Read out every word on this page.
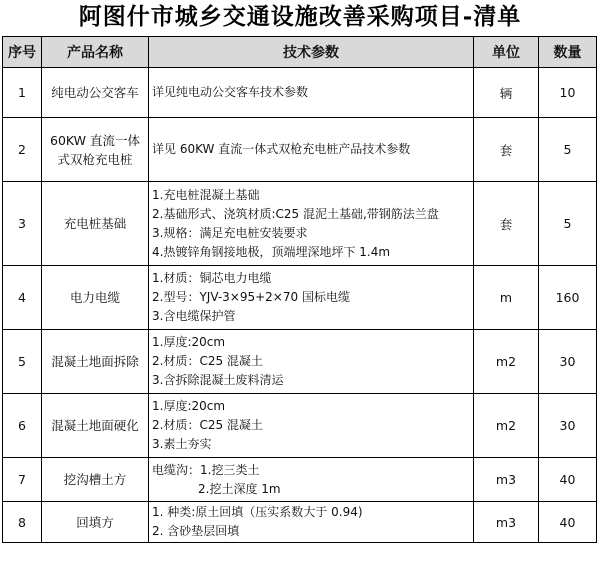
阿图什市城乡交通设施改善采购项目-清单
序号	产品名称	技术参数	单位	数量
1	纯电动公交客车	详见纯电动公交客车技术参数	辆	10
2	60KW 直流一体式双枪充电桩	详见 60KW 直流一体式双枪充电桩产品技术参数	套	5
3	充电桩基础	1.充电桩混凝土基础
2.基础形式、浇筑材质:C25 混泥土基础,带钢筋法兰盘
3.规格：满足充电桩安装要求
4.热镀锌角钢接地极，顶端埋深地坪下 1.4m	套	5
4	电力电缆	1.材质：铜芯电力电缆
2.型号：YJV-3×95+2×70 国标电缆
3.含电缆保护管	m	160
5	混凝土地面拆除	1.厚度:20cm
2.材质：C25 混凝土
3.含拆除混凝土废料清运	m2	30
6	混凝土地面硬化	1.厚度:20cm
2.材质：C25 混凝土
3.素土夯实	m2	30
7	挖沟槽土方	电缆沟：1.挖三类土
2.挖土深度 1m	m3	40
8	回填方	1. 种类:原土回填（压实系数大于 0.94)
2. 含砂垫层回填	m3	40
